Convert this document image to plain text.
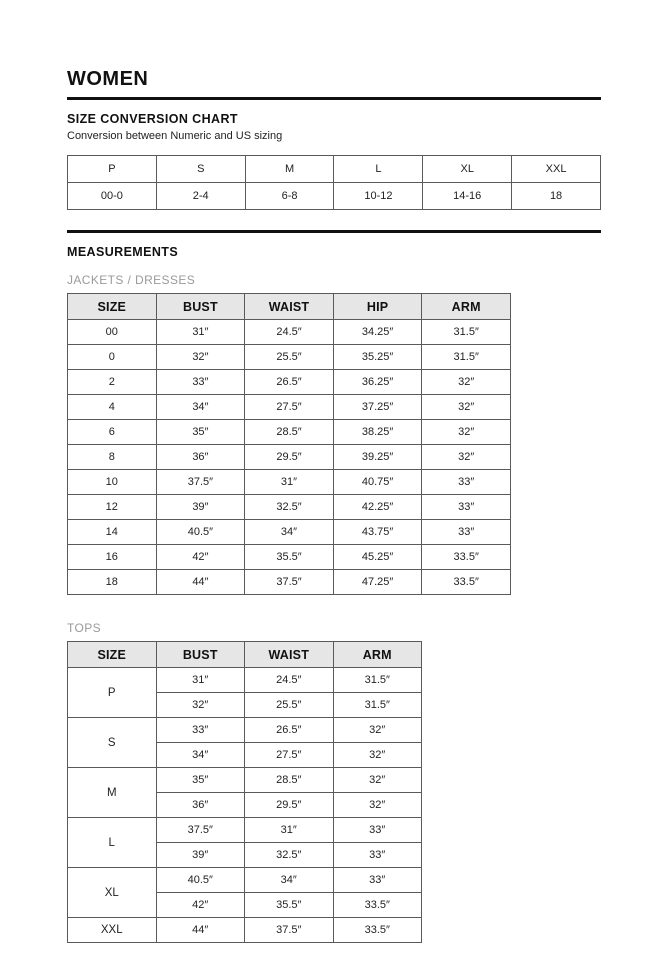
WOMEN
SIZE CONVERSION CHART
Conversion between Numeric and US sizing
P	S	M	L	XL	XXL
00-0	2-4	6-8	10-12	14-16	18
MEASUREMENTS
JACKETS / DRESSES
SIZE	BUST	WAIST	HIP	ARM
00	31″	24.5″	34.25″	31.5″
0	32″	25.5″	35.25″	31.5″
2	33″	26.5″	36.25″	32″
4	34″	27.5″	37.25″	32″
6	35″	28.5″	38.25″	32″
8	36″	29.5″	39.25″	32″
10	37.5″	31″	40.75″	33″
12	39″	32.5″	42.25″	33″
14	40.5″	34″	43.75″	33″
16	42″	35.5″	45.25″	33.5″
18	44″	37.5″	47.25″	33.5″
TOPS
SIZE	BUST	WAIST	ARM
P	31″	24.5″	31.5″
	32″	25.5″	31.5″
S	33″	26.5″	32″
	34″	27.5″	32″
M	35″	28.5″	32″
	36″	29.5″	32″
L	37.5″	31″	33″
	39″	32.5″	33″
XL	40.5″	34″	33″
	42″	35.5″	33.5″
XXL	44″	37.5″	33.5″
